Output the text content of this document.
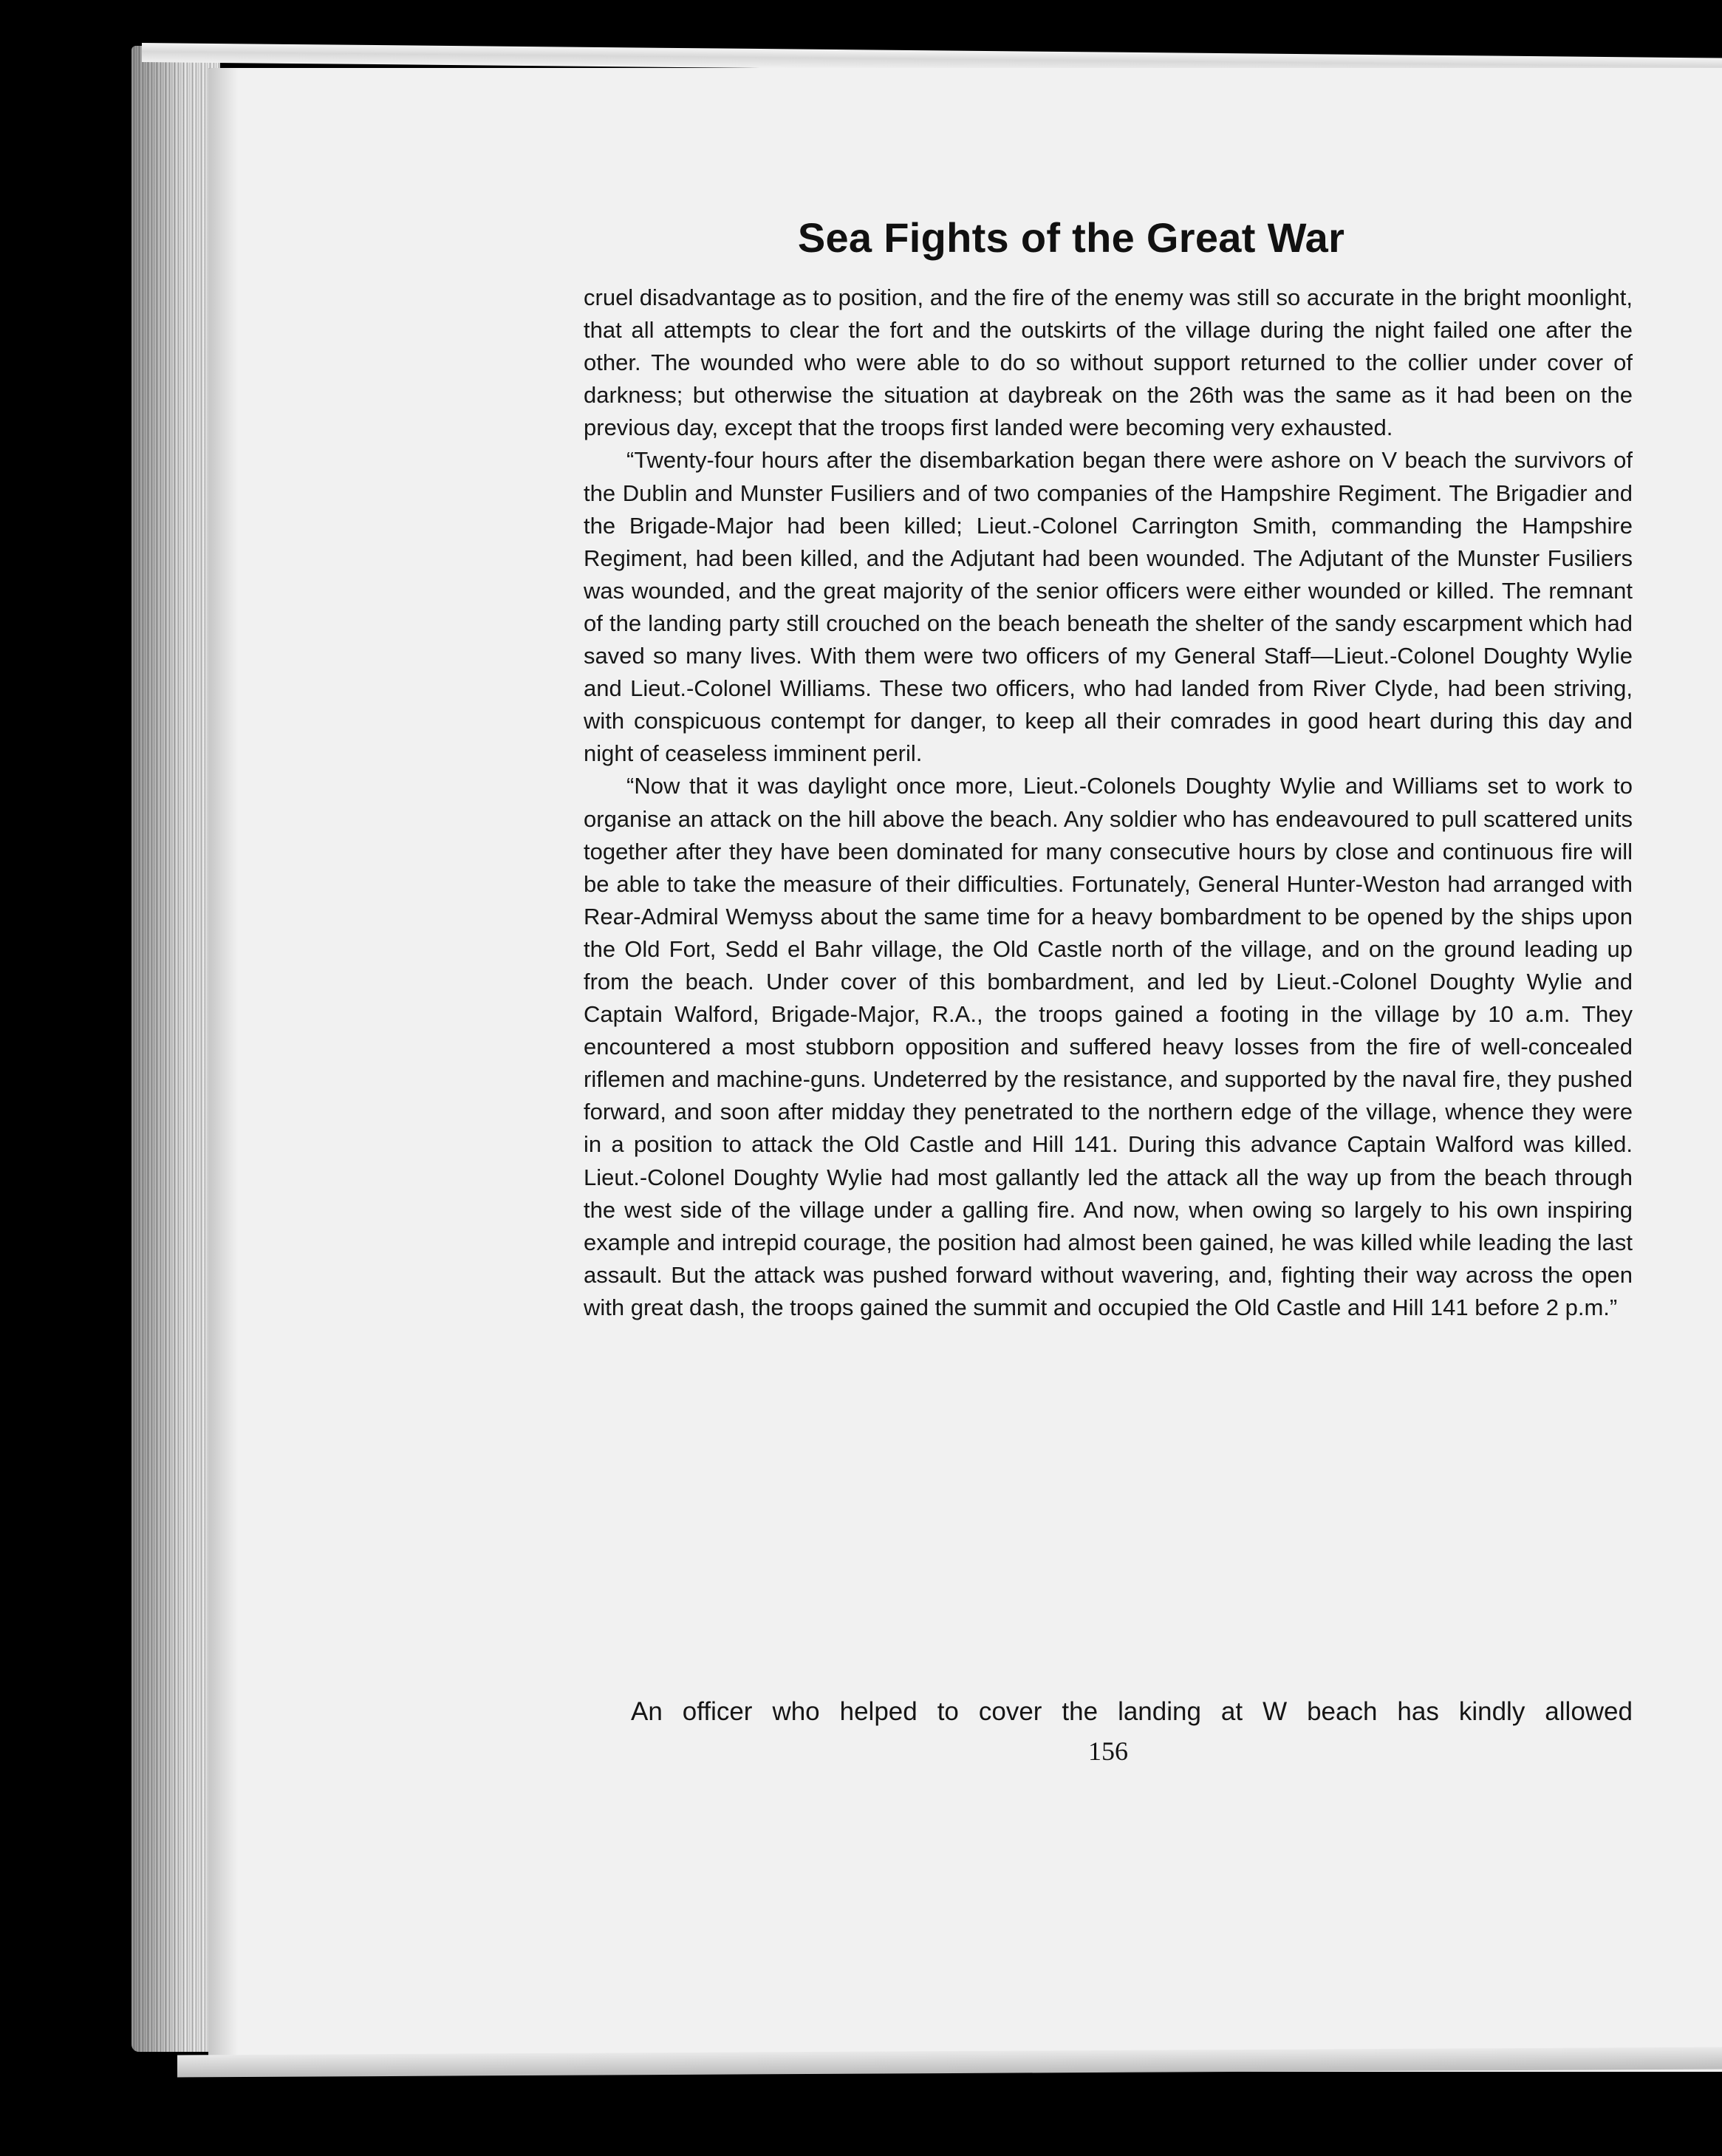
Sea Fights of the Great War

cruel disadvantage as to position, and the fire of the enemy was still so accurate in the bright moonlight, that all attempts to clear the fort and the outskirts of the village during the night failed one after the other. The wounded who were able to do so without support returned to the collier under cover of darkness; but otherwise the situation at daybreak on the 26th was the same as it had been on the previous day, except that the troops first landed were becoming very exhausted.

“Twenty-four hours after the disembarkation began there were ashore on V beach the survivors of the Dublin and Munster Fusiliers and of two companies of the Hampshire Regiment. The Brigadier and the Brigade-Major had been killed; Lieut.-Colonel Carrington Smith, commanding the Hampshire Regiment, had been killed, and the Adjutant had been wounded. The Adjutant of the Munster Fusiliers was wounded, and the great majority of the senior officers were either wounded or killed. The remnant of the landing party still crouched on the beach beneath the shelter of the sandy escarpment which had saved so many lives. With them were two officers of my General Staff—Lieut.-Colonel Doughty Wylie and Lieut.-Colonel Williams. These two officers, who had landed from River Clyde, had been striving, with conspicuous contempt for danger, to keep all their comrades in good heart during this day and night of ceaseless imminent peril.

“Now that it was daylight once more, Lieut.-Colonels Doughty Wylie and Williams set to work to organise an attack on the hill above the beach. Any soldier who has endeavoured to pull scattered units together after they have been dominated for many consecutive hours by close and continuous fire will be able to take the measure of their difficulties. Fortunately, General Hunter-Weston had arranged with Rear-Admiral Wemyss about the same time for a heavy bombardment to be opened by the ships upon the Old Fort, Sedd el Bahr village, the Old Castle north of the village, and on the ground leading up from the beach. Under cover of this bombardment, and led by Lieut.-Colonel Doughty Wylie and Captain Walford, Brigade-Major, R.A., the troops gained a footing in the village by 10 a.m. They encountered a most stubborn opposition and suffered heavy losses from the fire of well-concealed riflemen and machine-guns. Undeterred by the resistance, and supported by the naval fire, they pushed forward, and soon after midday they penetrated to the northern edge of the village, whence they were in a position to attack the Old Castle and Hill 141. During this advance Captain Walford was killed. Lieut.-Colonel Doughty Wylie had most gallantly led the attack all the way up from the beach through the west side of the village under a galling fire. And now, when owing so largely to his own inspiring example and intrepid courage, the position had almost been gained, he was killed while leading the last assault. But the attack was pushed forward without wavering, and, fighting their way across the open with great dash, the troops gained the summit and occupied the Old Castle and Hill 141 before 2 p.m.”

An officer who helped to cover the landing at W beach has kindly allowed

156
